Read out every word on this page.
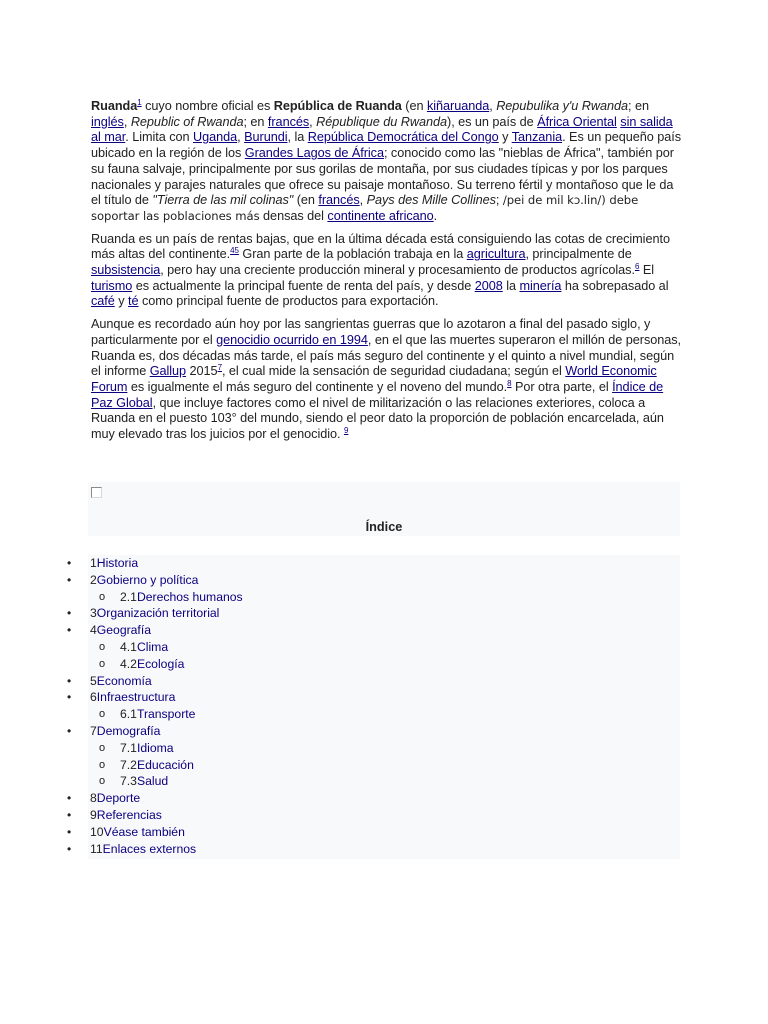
Ruanda$^1$ cuyo nombre oficial es República de Ruanda (en kiñaruanda, Repubulika y'u Rwanda; en inglés, Republic of Rwanda; en francés, République du Rwanda), es un país de África Oriental sin salida al mar. Limita con Uganda, Burundi, la República Democrática del Congo y Tanzania. Es un pequeño país ubicado en la región de los Grandes Lagos de África; conocido como las "nieblas de África", también por su fauna salvaje, principalmente por sus gorilas de montaña, por sus ciudades típicas y por los parques nacionales y parajes naturales que ofrece su paisaje montañoso. Su terreno fértil y montañoso que le da el título de "Tierra de las mil colinas" (en francés, Pays des Mille Collines; /pei de mil kɔ.lin/) debe soportar las poblaciones más densas del continente africano.

Ruanda es un país de rentas bajas, que en la última década está consiguiendo las cotas de crecimiento más altas del continente.$^{45}$ Gran parte de la población trabaja en la agricultura, principalmente de subsistencia, pero hay una creciente producción mineral y procesamiento de productos agrícolas.$^6$ El turismo es actualmente la principal fuente de renta del país, y desde 2008 la minería ha sobrepasado al café y té como principal fuente de productos para exportación.

Aunque es recordado aún hoy por las sangrientas guerras que lo azotaron a final del pasado siglo, y particularmente por el genocidio ocurrido en 1994, en el que las muertes superaron el millón de personas, Ruanda es, dos décadas más tarde, el país más seguro del continente y el quinto a nivel mundial, según el informe Gallup 2015$^7$, el cual mide la sensación de seguridad ciudadana; según el World Economic Forum es igualmente el más seguro del continente y el noveno del mundo.$^8$ Por otra parte, el Índice de Paz Global, que incluye factores como el nivel de militarización o las relaciones exteriores, coloca a Ruanda en el puesto 103° del mundo, siendo el peor dato la proporción de población encarcelada, aún muy elevado tras los juicios por el genocidio. $^9$

Índice
• 1Historia
• 2Gobierno y política
o 2.1Derechos humanos
• 3Organización territorial
• 4Geografía
o 4.1Clima
o 4.2Ecología
• 5Economía
• 6Infraestructura
o 6.1Transporte
• 7Demografía
o 7.1Idioma
o 7.2Educación
o 7.3Salud
• 8Deporte
• 9Referencias
• 10Véase también
• 11Enlaces externos
